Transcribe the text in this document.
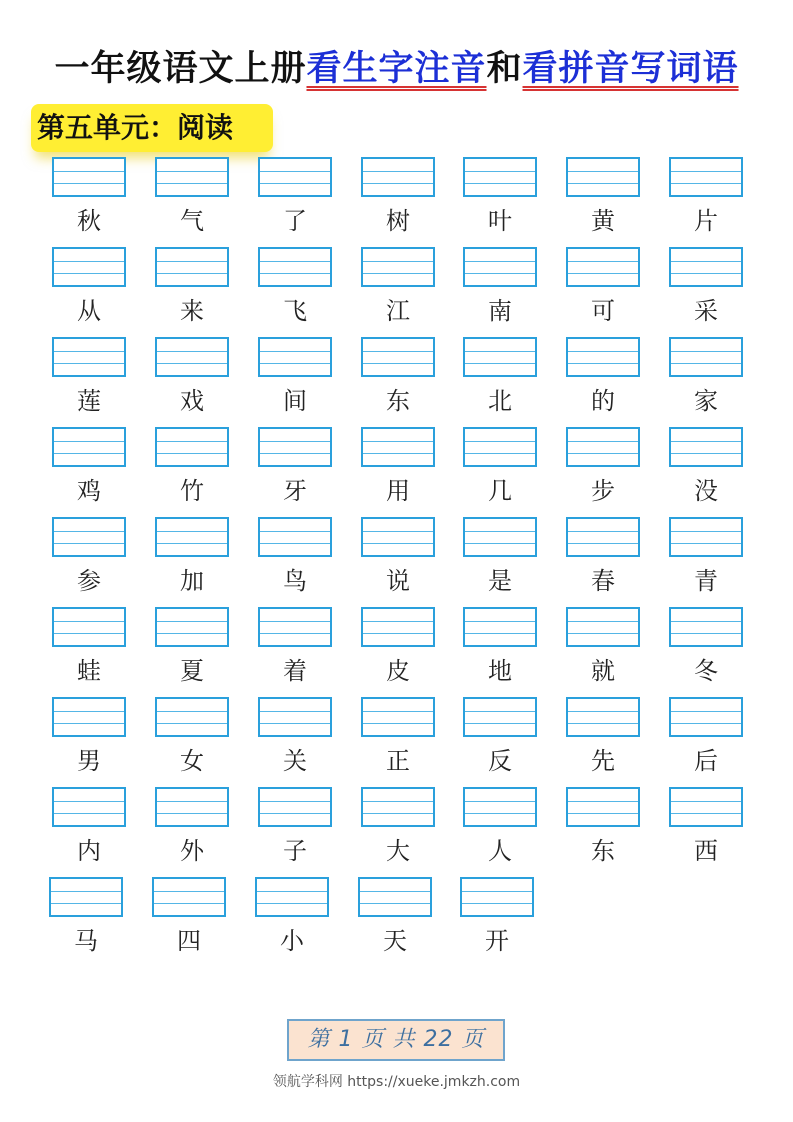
一年级语文上册看生字注音和看拼音写词语
第五单元：阅读
秋	气	了	树	叶	黄	片
从	来	飞	江	南	可	采
莲	戏	间	东	北	的	家
鸡	竹	牙	用	几	步	没
参	加	鸟	说	是	春	青
蛙	夏	着	皮	地	就	冬
男	女	关	正	反	先	后
内	外	子	大	人	东	西
马	四	小	天	开
第 1 页 共 22 页
领航学科网 https://xueke.jmkzh.com
